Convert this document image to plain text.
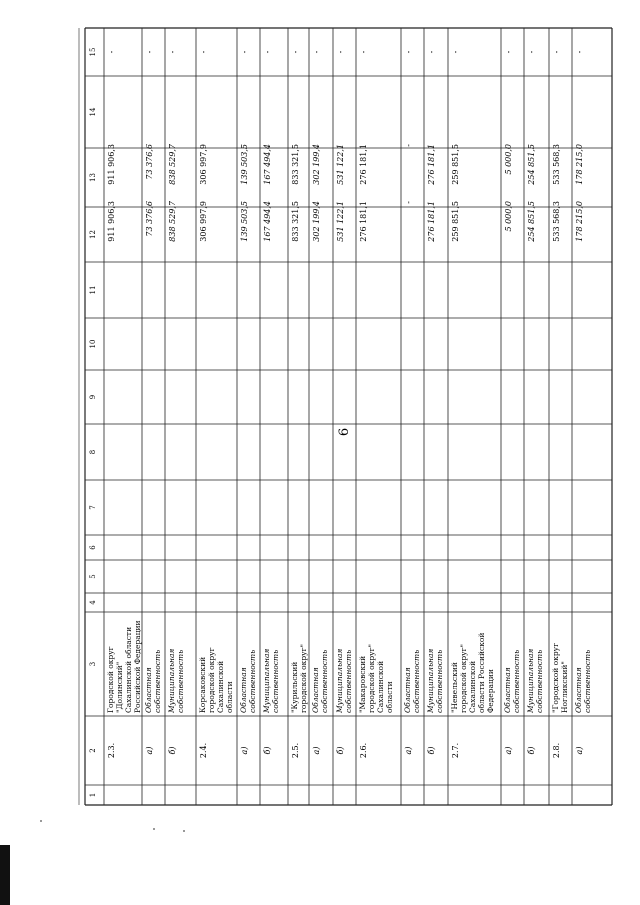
6
1
2
3
4
5
6
7
8
9
10
11
12
13
14
15
2.3.
Городской округ "Долинский" Сахалинской области Российской Федерации
911 906,3
911 906,3
-
а)
Областная собственность
73 376,6
73 376,6
-
б)
Муниципальная собственность
838 529,7
838 529,7
-
2.4.
Корсаковский городской округ Сахалинской области
306 997,9
306 997,9
-
а)
Областная собственность
139 503,5
139 503,5
-
б)
Муниципальная собственность
167 494,4
167 494,4
-
2.5.
"Курильский городской округ"
833 321,5
833 321,5
-
а)
Областная собственность
302 199,4
302 199,4
-
б)
Муниципальная собственность
531 122,1
531 122,1
-
2.6.
"Макаровский городской округ" Сахалинской области
276 181,1
276 181,1
-
а)
Областная собственность
-
-
-
б)
Муниципальная собственность
276 181,1
276 181,1
-
2.7.
"Невельский городской округ" Сахалинской области Российской Федерации
259 851,5
259 851,5
-
а)
Областная собственность
5 000,0
5 000,0
-
б)
Муниципальная собственность
254 851,5
254 851,5
-
2.8.
"Городской округ Ногликский"
533 568,3
533 568,3
-
а)
Областная собственность
178 215,0
178 215,0
-
